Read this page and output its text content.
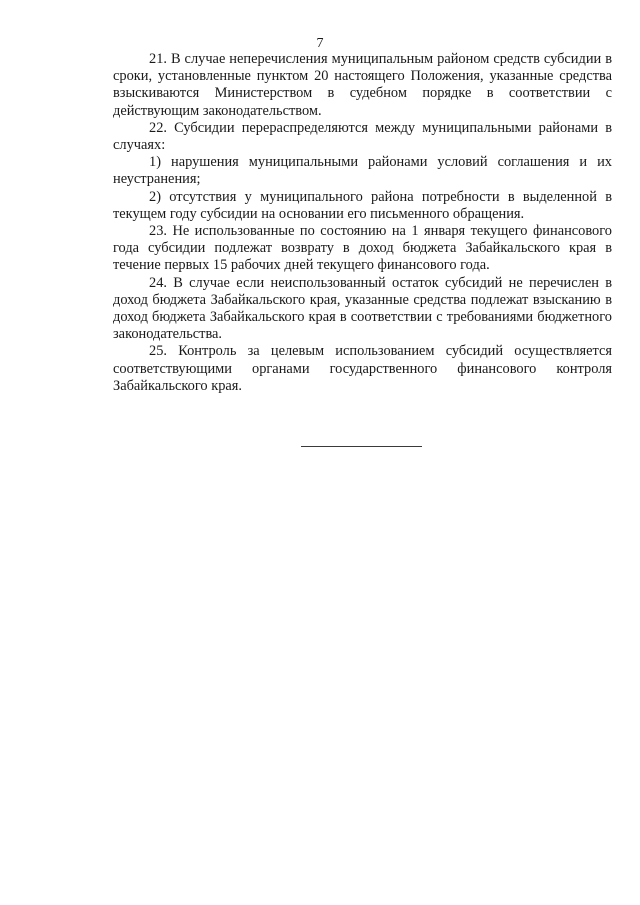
7

21. В случае неперечисления муниципальным районом средств субсидии в сроки, установленные пунктом 20 настоящего Положения, указанные средства взыскиваются Министерством в судебном порядке в соответствии с действующим законодательством.

22. Субсидии перераспределяются между муниципальными районами в случаях:

1) нарушения муниципальными районами условий соглашения и их неустранения;

2) отсутствия у муниципального района потребности в выделенной в текущем году субсидии на основании его письменного обращения.

23. Не использованные по состоянию на 1 января текущего финансового года субсидии подлежат возврату в доход бюджета Забайкальского края в течение первых 15 рабочих дней текущего финансового года.

24. В случае если неиспользованный остаток субсидий не перечислен в доход бюджета Забайкальского края, указанные средства подлежат взысканию в доход бюджета Забайкальского края в соответствии с требованиями бюджетного законодательства.

25. Контроль за целевым использованием субсидий осуществляется соответствующими органами государственного финансового контроля Забайкальского края.
